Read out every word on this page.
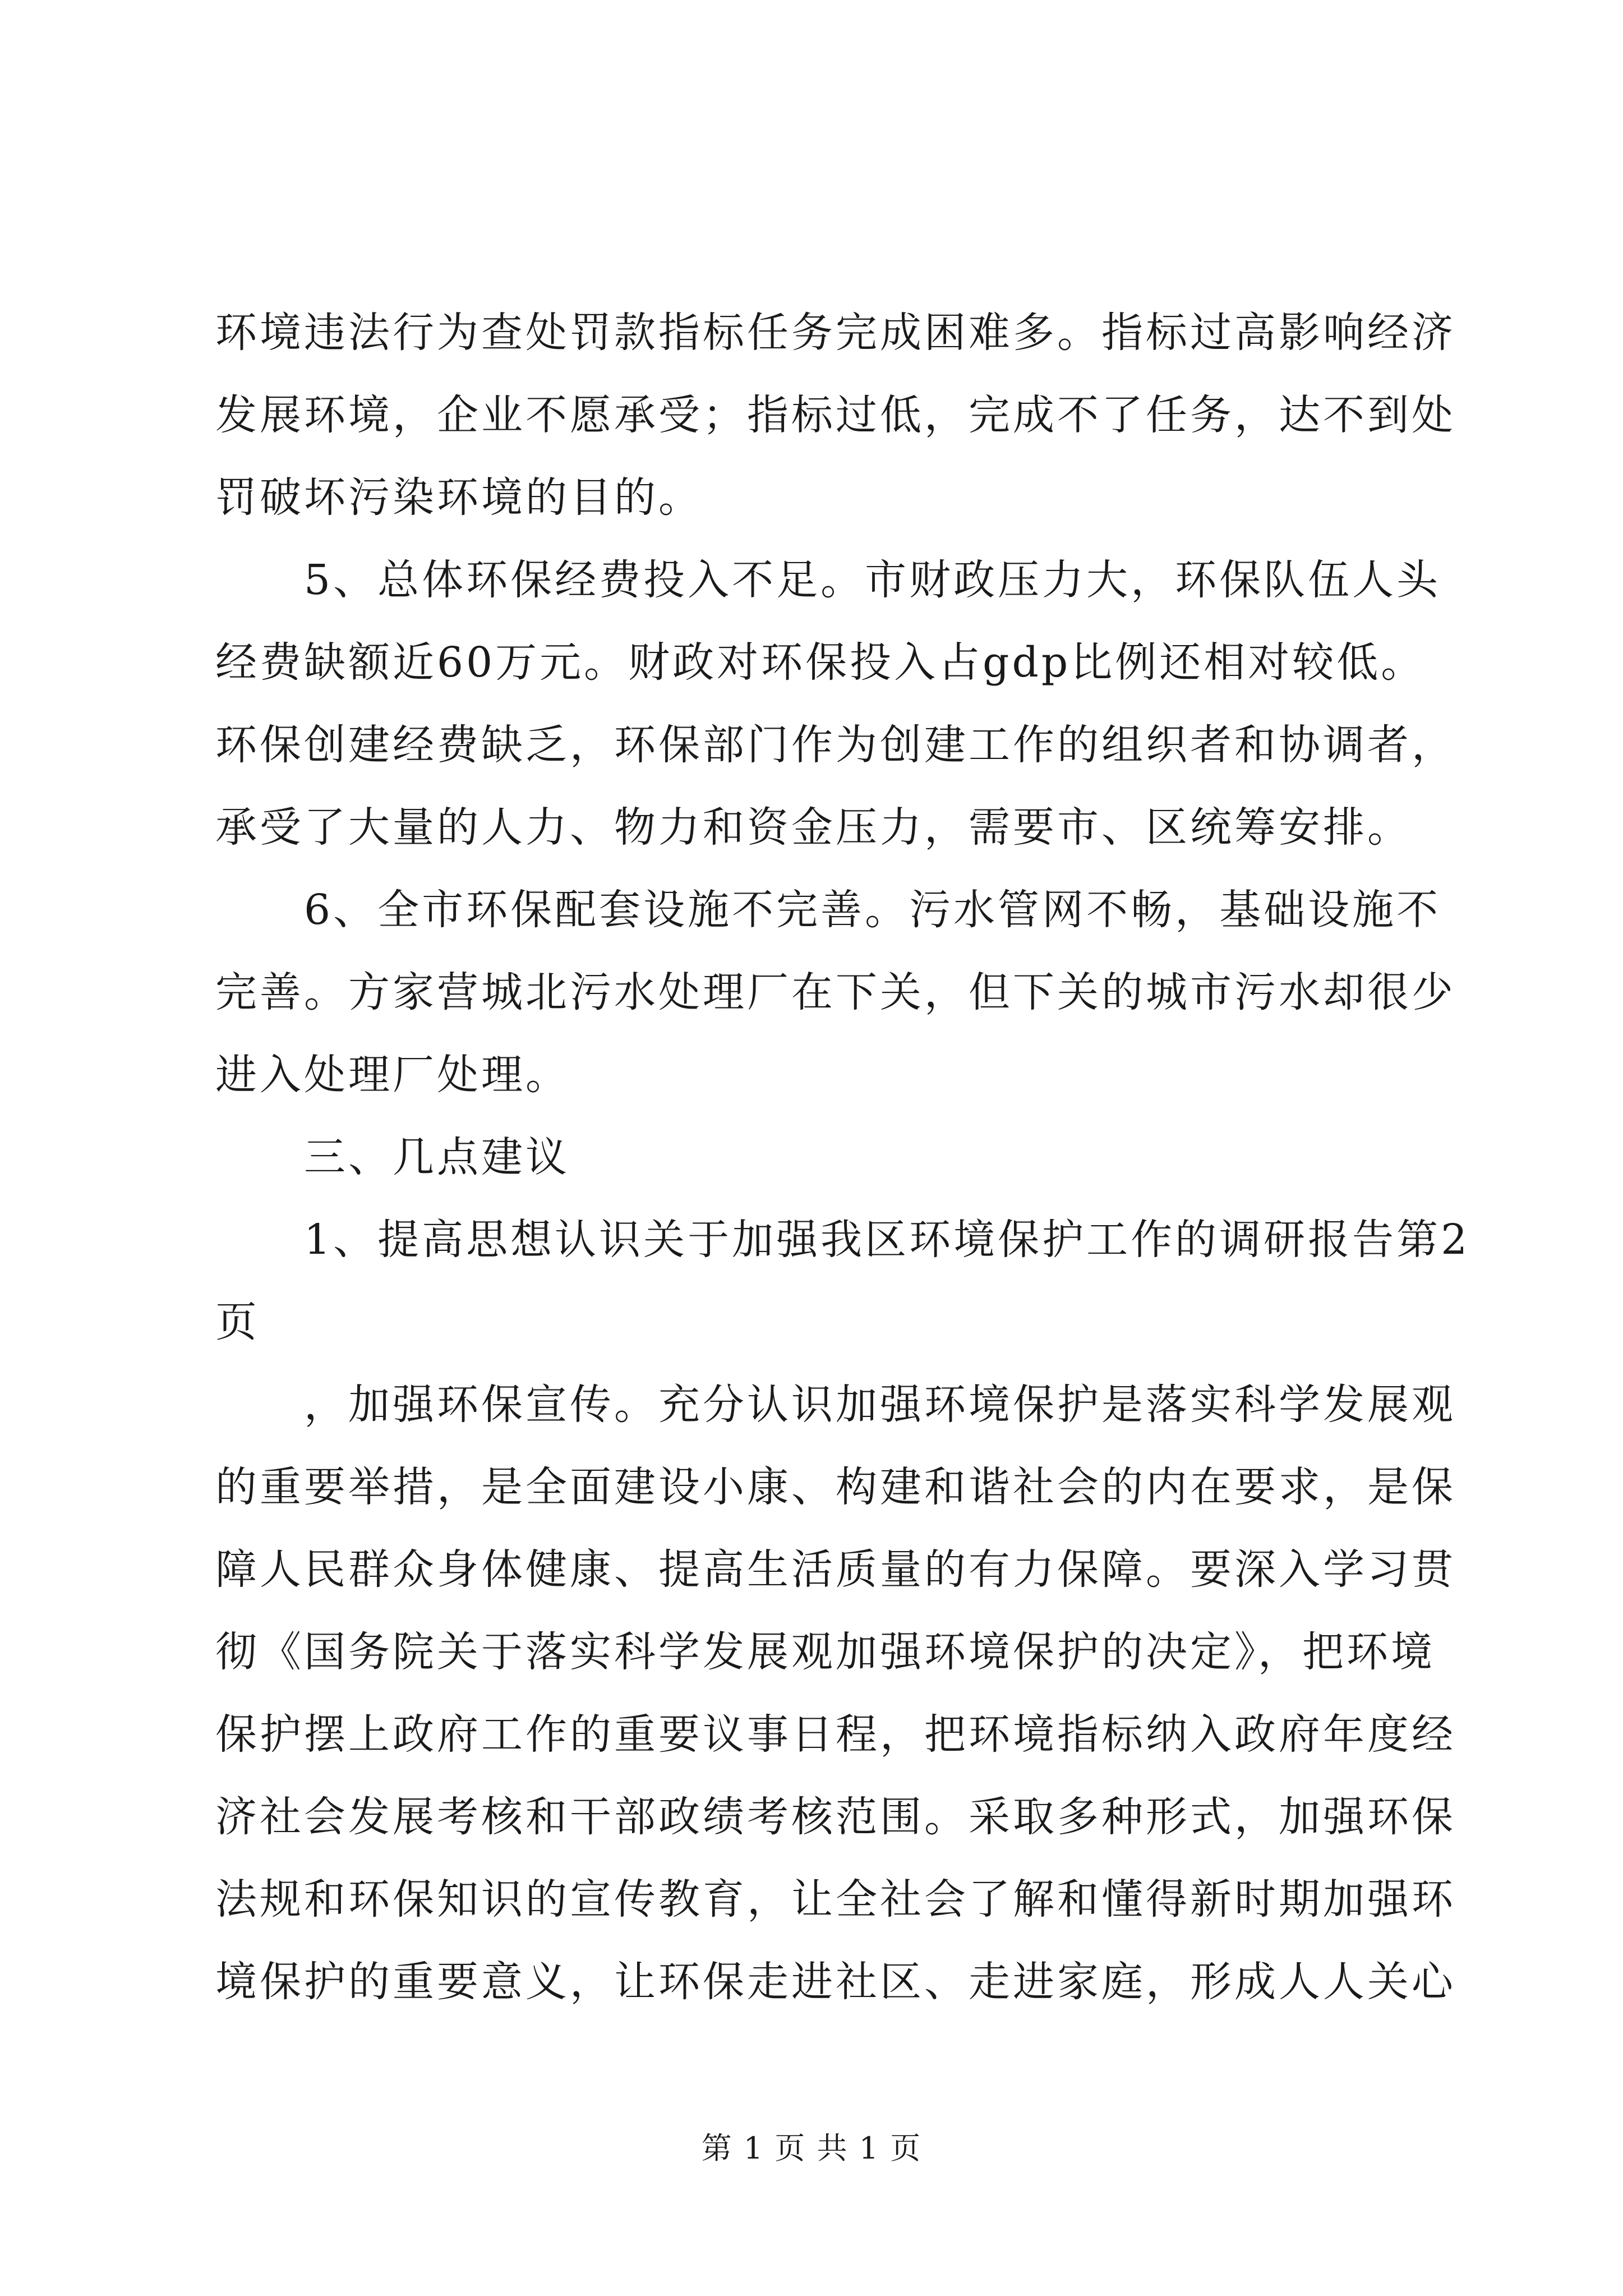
环境违法行为查处罚款指标任务完成困难多。指标过高影响经济
发展环境，企业不愿承受；指标过低，完成不了任务，达不到处
罚破坏污染环境的目的。
　　5、总体环保经费投入不足。市财政压力大，环保队伍人头
经费缺额近60万元。财政对环保投入占gdp比例还相对较低。
环保创建经费缺乏，环保部门作为创建工作的组织者和协调者，
承受了大量的人力、物力和资金压力，需要市、区统筹安排。
　　6、全市环保配套设施不完善。污水管网不畅，基础设施不
完善。方家营城北污水处理厂在下关，但下关的城市污水却很少
进入处理厂处理。
　　三、几点建议
　　1、提高思想认识关于加强我区环境保护工作的调研报告第2
页
　　，加强环保宣传。充分认识加强环境保护是落实科学发展观
的重要举措，是全面建设小康、构建和谐社会的内在要求，是保
障人民群众身体健康、提高生活质量的有力保障。要深入学习贯
彻《国务院关于落实科学发展观加强环境保护的决定》，把环境
保护摆上政府工作的重要议事日程，把环境指标纳入政府年度经
济社会发展考核和干部政绩考核范围。采取多种形式，加强环保
法规和环保知识的宣传教育，让全社会了解和懂得新时期加强环
境保护的重要意义，让环保走进社区、走进家庭，形成人人关心
第 1 页 共 1 页
